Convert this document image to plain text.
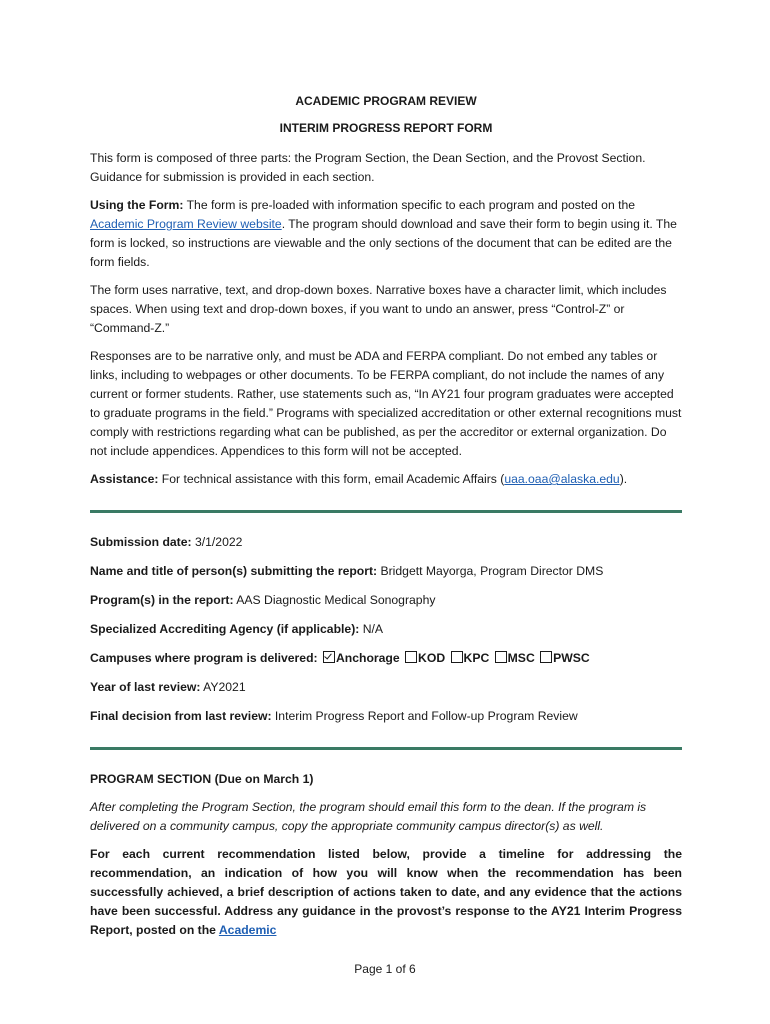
ACADEMIC PROGRAM REVIEW
INTERIM PROGRESS REPORT FORM

This form is composed of three parts: the Program Section, the Dean Section, and the Provost Section. Guidance for submission is provided in each section.

Using the Form: The form is pre-loaded with information specific to each program and posted on the Academic Program Review website. The program should download and save their form to begin using it. The form is locked, so instructions are viewable and the only sections of the document that can be edited are the form fields.

The form uses narrative, text, and drop-down boxes. Narrative boxes have a character limit, which includes spaces. When using text and drop-down boxes, if you want to undo an answer, press “Control-Z” or “Command-Z.”

Responses are to be narrative only, and must be ADA and FERPA compliant. Do not embed any tables or links, including to webpages or other documents. To be FERPA compliant, do not include the names of any current or former students. Rather, use statements such as, “In AY21 four program graduates were accepted to graduate programs in the field.” Programs with specialized accreditation or other external recognitions must comply with restrictions regarding what can be published, as per the accreditor or external organization. Do not include appendices. Appendices to this form will not be accepted.

Assistance: For technical assistance with this form, email Academic Affairs (uaa.oaa@alaska.edu).

Submission date: 3/1/2022
Name and title of person(s) submitting the report: Bridgett Mayorga, Program Director DMS
Program(s) in the report: AAS Diagnostic Medical Sonography
Specialized Accrediting Agency (if applicable): N/A
Campuses where program is delivered: Anchorage KOD KPC MSC PWSC
Year of last review: AY2021
Final decision from last review: Interim Progress Report and Follow-up Program Review

PROGRAM SECTION (Due on March 1)

After completing the Program Section, the program should email this form to the dean. If the program is delivered on a community campus, copy the appropriate community campus director(s) as well.

For each current recommendation listed below, provide a timeline for addressing the recommendation, an indication of how you will know when the recommendation has been successfully achieved, a brief description of actions taken to date, and any evidence that the actions have been successful. Address any guidance in the provost’s response to the AY21 Interim Progress Report, posted on the Academic

Page 1 of 6
